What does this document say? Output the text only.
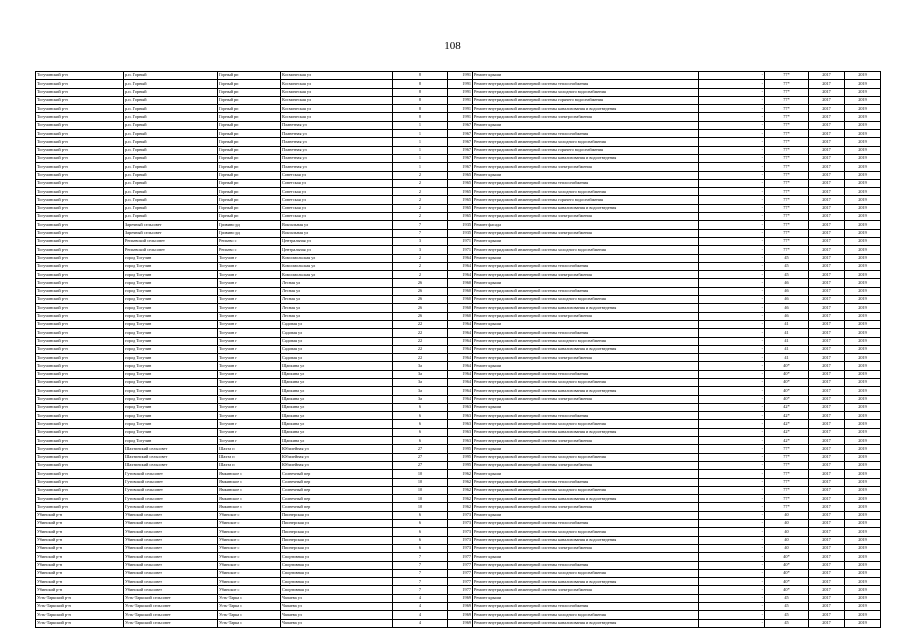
108
Тогучинский р-н	р.п. Горный	Горный рп	Космическая ул	8	1991	Ремонт крыши	-	77*	2017	2019
Тогучинский р-н	р.п. Горный	Горный рп	Космическая ул	8	1991	Ремонт внутридомовой инженерной системы теплоснабжения	-	77*	2017	2019
Тогучинский р-н	р.п. Горный	Горный рп	Космическая ул	8	1991	Ремонт внутридомовой инженерной системы холодного водоснабжения	-	77*	2017	2019
Тогучинский р-н	р.п. Горный	Горный рп	Космическая ул	8	1991	Ремонт внутридомовой инженерной системы горячего водоснабжения	-	77*	2017	2019
Тогучинский р-н	р.п. Горный	Горный рп	Космическая ул	8	1991	Ремонт внутридомовой инженерной системы канализования и водоотведения	-	77*	2017	2019
Тогучинский р-н	р.п. Горный	Горный рп	Космическая ул	8	1991	Ремонт внутридомовой инженерной системы электроснабжения	-	77*	2017	2019
Тогучинский р-н	р.п. Горный	Горный рп	Планетная ул	1	1967	Ремонт крыши	-	77*	2017	2019
Тогучинский р-н	р.п. Горный	Горный рп	Планетная ул	1	1967	Ремонт внутридомовой инженерной системы теплоснабжения	-	77*	2017	2019
Тогучинский р-н	р.п. Горный	Горный рп	Планетная ул	1	1967	Ремонт внутридомовой инженерной системы холодного водоснабжения	-	77*	2017	2019
Тогучинский р-н	р.п. Горный	Горный рп	Планетная ул	1	1967	Ремонт внутридомовой инженерной системы горячего водоснабжения	-	77*	2017	2019
Тогучинский р-н	р.п. Горный	Горный рп	Планетная ул	1	1967	Ремонт внутридомовой инженерной системы канализования и водоотведения	-	77*	2017	2019
Тогучинский р-н	р.п. Горный	Горный рп	Планетная ул	1	1967	Ремонт внутридомовой инженерной системы электроснабжения	-	77*	2017	2019
Тогучинский р-н	р.п. Горный	Горный рп	Советская ул	2	1965	Ремонт крыши	-	77*	2017	2019
Тогучинский р-н	р.п. Горный	Горный рп	Советская ул	2	1965	Ремонт внутридомовой инженерной системы теплоснабжения	-	77*	2017	2019
Тогучинский р-н	р.п. Горный	Горный рп	Советская ул	2	1965	Ремонт внутридомовой инженерной системы холодного водоснабжения	-	77*	2017	2019
Тогучинский р-н	р.п. Горный	Горный рп	Советская ул	2	1965	Ремонт внутридомовой инженерной системы горячего водоснабжения	-	77*	2017	2019
Тогучинский р-н	р.п. Горный	Горный рп	Советская ул	2	1965	Ремонт внутридомовой инженерной системы канализования и водоотведения	-	77*	2017	2019
Тогучинский р-н	р.п. Горный	Горный рп	Советская ул	2	1965	Ремонт внутридомовой инженерной системы электроснабжения	-	77*	2017	2019
Тогучинский р-н	Заречный сельсовет	Гривино рд	Вокзальная ул	7	1935	Ремонт фасада	-	77*	2017	2019
Тогучинский р-н	Заречный сельсовет	Гривино рд	Вокзальная ул	7	1935	Ремонт внутридомовой инженерной системы электроснабжения	-	77*	2017	2019
Тогучинский р-н	Репьевский сельсовет	Репьево с	Центральная ул	3	1971	Ремонт крыши	-	77*	2017	2019
Тогучинский р-н	Репьевский сельсовет	Репьево с	Центральная ул	3	1971	Ремонт внутридомовой инженерной системы холодного водоснабжения	-	77*	2017	2019
Тогучинский р-н	город Тогучин	Тогучин г	Комсомольская ул	2	1964	Ремонт крыши	-	45	2017	2019
Тогучинский р-н	город Тогучин	Тогучин г	Комсомольская ул	2	1964	Ремонт внутридомовой инженерной системы теплоснабжения	-	45	2017	2019
Тогучинский р-н	город Тогучин	Тогучин г	Комсомольская ул	2	1964	Ремонт внутридомовой инженерной системы электроснабжения	-	45	2017	2019
Тогучинский р-н	город Тогучин	Тогучин г	Лесная ул	26	1960	Ремонт крыши	-	46	2017	2019
Тогучинский р-н	город Тогучин	Тогучин г	Лесная ул	26	1960	Ремонт внутридомовой инженерной системы теплоснабжения	-	46	2017	2019
Тогучинский р-н	город Тогучин	Тогучин г	Лесная ул	26	1960	Ремонт внутридомовой инженерной системы холодного водоснабжения	-	46	2017	2019
Тогучинский р-н	город Тогучин	Тогучин г	Лесная ул	26	1960	Ремонт внутридомовой инженерной системы канализования и водоотведения	-	46	2017	2019
Тогучинский р-н	город Тогучин	Тогучин г	Лесная ул	26	1960	Ремонт внутридомовой инженерной системы электроснабжения	-	46	2017	2019
Тогучинский р-н	город Тогучин	Тогучин г	Садовая ул	22	1964	Ремонт крыши	-	41	2017	2019
Тогучинский р-н	город Тогучин	Тогучин г	Садовая ул	22	1964	Ремонт внутридомовой инженерной системы теплоснабжения	-	41	2017	2019
Тогучинский р-н	город Тогучин	Тогучин г	Садовая ул	22	1964	Ремонт внутридомовой инженерной системы холодного водоснабжения	-	41	2017	2019
Тогучинский р-н	город Тогучин	Тогучин г	Садовая ул	22	1964	Ремонт внутридомовой инженерной системы канализования и водоотведения	-	41	2017	2019
Тогучинский р-н	город Тогучин	Тогучин г	Садовая ул	22	1964	Ремонт внутридомовой инженерной системы электроснабжения	-	41	2017	2019
Тогучинский р-н	город Тогучин	Тогучин г	Щапкина ул	3а	1964	Ремонт крыши	-	40*	2017	2019
Тогучинский р-н	город Тогучин	Тогучин г	Щапкина ул	3а	1964	Ремонт внутридомовой инженерной системы теплоснабжения	-	40*	2017	2019
Тогучинский р-н	город Тогучин	Тогучин г	Щапкина ул	3а	1964	Ремонт внутридомовой инженерной системы холодного водоснабжения	-	40*	2017	2019
Тогучинский р-н	город Тогучин	Тогучин г	Щапкина ул	3а	1964	Ремонт внутридомовой инженерной системы канализования и водоотведения	-	40*	2017	2019
Тогучинский р-н	город Тогучин	Тогучин г	Щапкина ул	3а	1964	Ремонт внутридомовой инженерной системы электроснабжения	-	40*	2017	2019
Тогучинский р-н	город Тогучин	Тогучин г	Щапкина ул	6	1963	Ремонт крыши	-	42*	2017	2019
Тогучинский р-н	город Тогучин	Тогучин г	Щапкина ул	6	1963	Ремонт внутридомовой инженерной системы теплоснабжения	-	42*	2017	2019
Тогучинский р-н	город Тогучин	Тогучин г	Щапкина ул	6	1963	Ремонт внутридомовой инженерной системы холодного водоснабжения	-	42*	2017	2019
Тогучинский р-н	город Тогучин	Тогучин г	Щапкина ул	6	1963	Ремонт внутридомовой инженерной системы канализования и водоотведения	-	42*	2017	2019
Тогучинский р-н	город Тогучин	Тогучин г	Щапкина ул	6	1963	Ремонт внутридомовой инженерной системы электроснабжения	-	42*	2017	2019
Тогучинский р-н	Шахтинский сельсовет	Шахта п	Юбилейная ул	27	1995	Ремонт крыши	-	77*	2017	2019
Тогучинский р-н	Шахтинский сельсовет	Шахта п	Юбилейная ул	27	1995	Ремонт внутридомовой инженерной системы холодного водоснабжения	-	77*	2017	2019
Тогучинский р-н	Шахтинский сельсовет	Шахта п	Юбилейная ул	27	1995	Ремонт внутридомовой инженерной системы электроснабжения	-	77*	2017	2019
Тогучинский р-н	Гутовский сельсовет	Ямкинское с	Солнечный пер	10	1962	Ремонт крыши	-	77*	2017	2019
Тогучинский р-н	Гутовский сельсовет	Ямкинское с	Солнечный пер	10	1962	Ремонт внутридомовой инженерной системы теплоснабжения	-	77*	2017	2019
Тогучинский р-н	Гутовский сельсовет	Ямкинское с	Солнечный пер	10	1962	Ремонт внутридомовой инженерной системы холодного водоснабжения	-	77*	2017	2019
Тогучинский р-н	Гутовский сельсовет	Ямкинское с	Солнечный пер	10	1962	Ремонт внутридомовой инженерной системы канализования и водоотведения	-	77*	2017	2019
Тогучинский р-н	Гутовский сельсовет	Ямкинское с	Солнечный пер	10	1962	Ремонт внутридомовой инженерной системы электроснабжения	-	77*	2017	2019
Убинский р-н	Убинский сельсовет	Убинское с	Пионерская ул	6	1973	Ремонт крыши	-	40	2017	2019
Убинский р-н	Убинский сельсовет	Убинское с	Пионерская ул	6	1973	Ремонт внутридомовой инженерной системы теплоснабжения	-	40	2017	2019
Убинский р-н	Убинский сельсовет	Убинское с	Пионерская ул	6	1973	Ремонт внутридомовой инженерной системы холодного водоснабжения	-	40	2017	2019
Убинский р-н	Убинский сельсовет	Убинское с	Пионерская ул	6	1973	Ремонт внутридомовой инженерной системы канализования и водоотведения	-	40	2017	2019
Убинский р-н	Убинский сельсовет	Убинское с	Пионерская ул	6	1973	Ремонт внутридомовой инженерной системы электроснабжения	-	40	2017	2019
Убинский р-н	Убинский сельсовет	Убинское с	Спортивная ул	7	1977	Ремонт крыши	-	40*	2017	2019
Убинский р-н	Убинский сельсовет	Убинское с	Спортивная ул	7	1977	Ремонт внутридомовой инженерной системы теплоснабжения	-	40*	2017	2019
Убинский р-н	Убинский сельсовет	Убинское с	Спортивная ул	7	1977	Ремонт внутридомовой инженерной системы холодного водоснабжения	-	40*	2017	2019
Убинский р-н	Убинский сельсовет	Убинское с	Спортивная ул	7	1977	Ремонт внутридомовой инженерной системы канализования и водоотведения	-	40*	2017	2019
Убинский р-н	Убинский сельсовет	Убинское с	Спортивная ул	7	1977	Ремонт внутридомовой инженерной системы электроснабжения	-	40*	2017	2019
Усть-Таркский р-н	Усть-Таркский сельсовет	Усть-Тарка с	Чапаева ул	4	1969	Ремонт крыши	-	45	2017	2019
Усть-Таркский р-н	Усть-Таркский сельсовет	Усть-Тарка с	Чапаева ул	4	1969	Ремонт внутридомовой инженерной системы теплоснабжения	-	45	2017	2019
Усть-Таркский р-н	Усть-Таркский сельсовет	Усть-Тарка с	Чапаева ул	4	1969	Ремонт внутридомовой инженерной системы холодного водоснабжения	-	45	2017	2019
Усть-Таркский р-н	Усть-Таркский сельсовет	Усть-Тарка с	Чапаева ул	4	1969	Ремонт внутридомовой инженерной системы канализования и водоотведения	-	45	2017	2019
